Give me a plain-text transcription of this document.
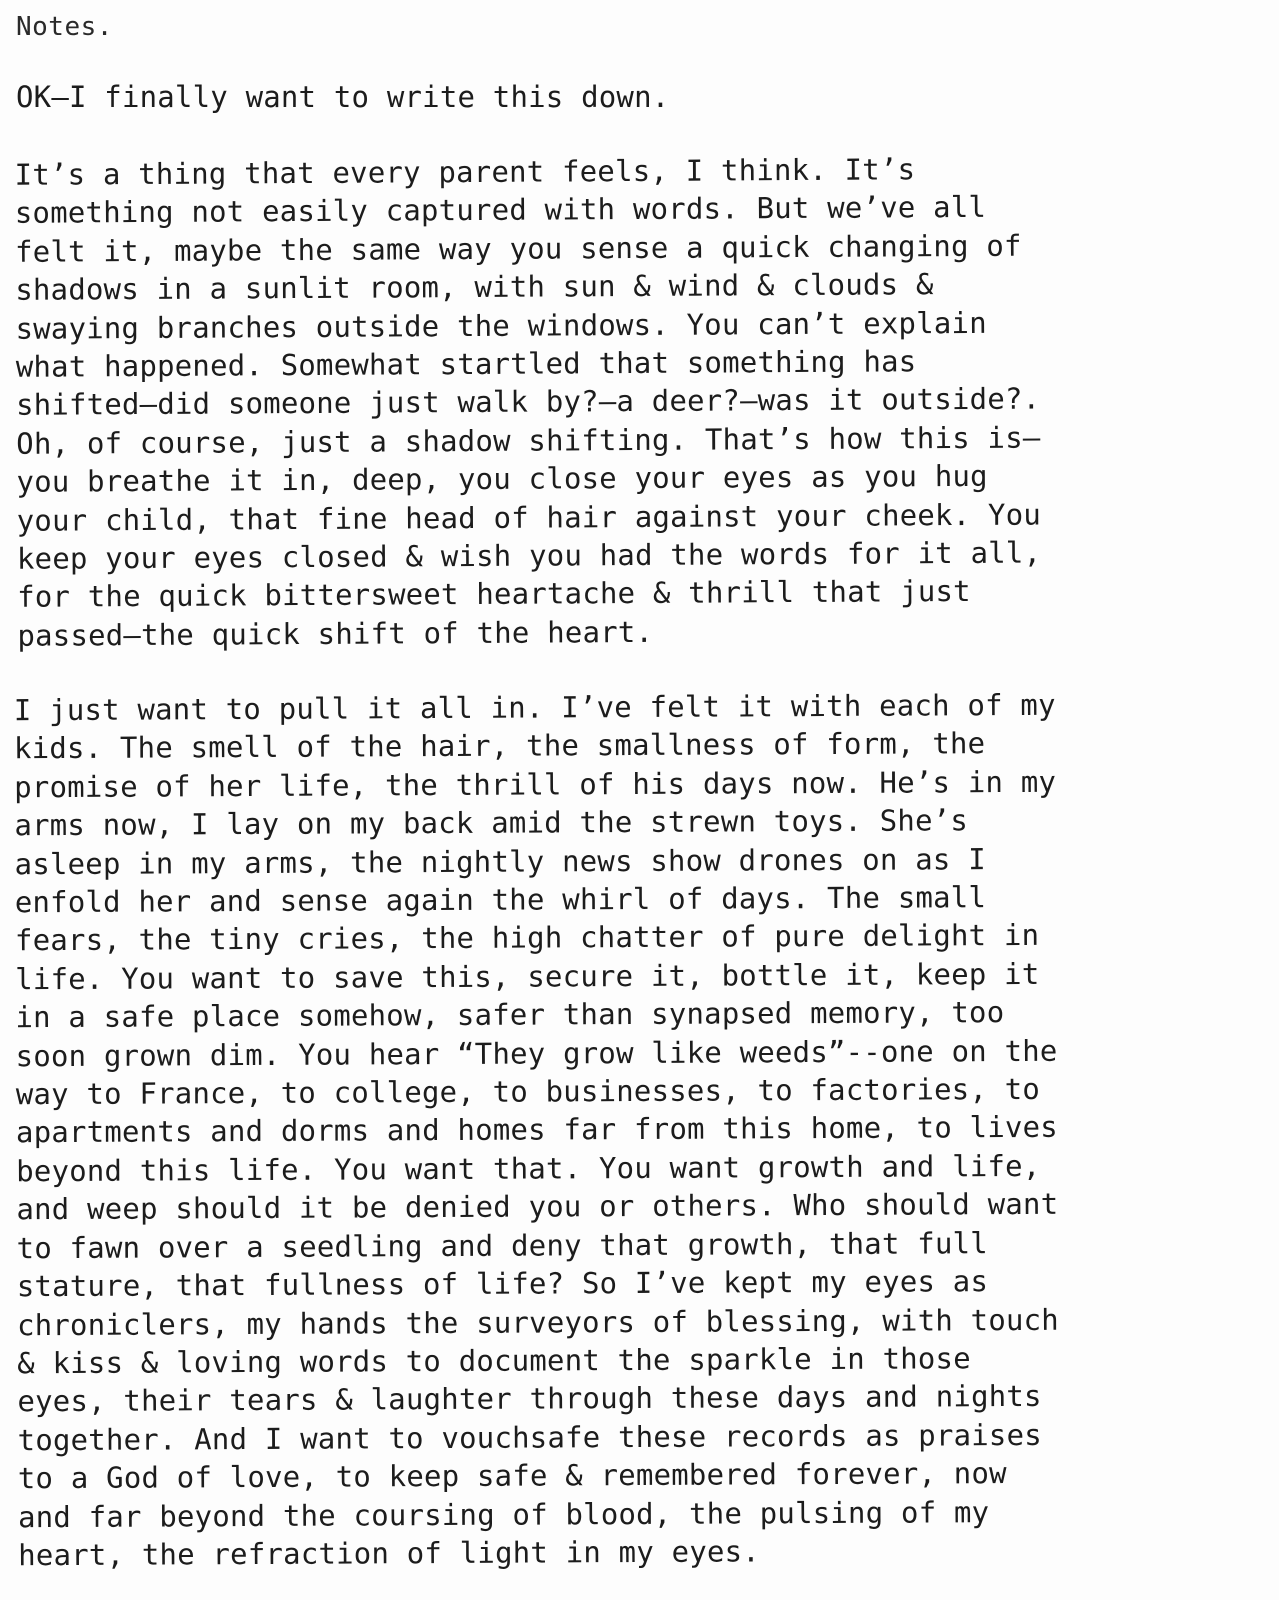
Notes.
OK—I finally want to write this down.
It’s a thing that every parent feels, I think. It’s
something not easily captured with words. But we’ve all
felt it, maybe the same way you sense a quick changing of
shadows in a sunlit room, with sun & wind & clouds &
swaying branches outside the windows. You can’t explain
what happened. Somewhat startled that something has
shifted—did someone just walk by?—a deer?—was it outside?.
Oh, of course, just a shadow shifting. That’s how this is—
you breathe it in, deep, you close your eyes as you hug
your child, that fine head of hair against your cheek. You
keep your eyes closed & wish you had the words for it all,
for the quick bittersweet heartache & thrill that just
passed—the quick shift of the heart.
I just want to pull it all in. I’ve felt it with each of my
kids. The smell of the hair, the smallness of form, the
promise of her life, the thrill of his days now. He’s in my
arms now, I lay on my back amid the strewn toys. She’s
asleep in my arms, the nightly news show drones on as I
enfold her and sense again the whirl of days. The small
fears, the tiny cries, the high chatter of pure delight in
life. You want to save this, secure it, bottle it, keep it
in a safe place somehow, safer than synapsed memory, too
soon grown dim. You hear “They grow like weeds”--one on the
way to France, to college, to businesses, to factories, to
apartments and dorms and homes far from this home, to lives
beyond this life. You want that. You want growth and life,
and weep should it be denied you or others. Who should want
to fawn over a seedling and deny that growth, that full
stature, that fullness of life? So I’ve kept my eyes as
chroniclers, my hands the surveyors of blessing, with touch
& kiss & loving words to document the sparkle in those
eyes, their tears & laughter through these days and nights
together. And I want to vouchsafe these records as praises
to a God of love, to keep safe & remembered forever, now
and far beyond the coursing of blood, the pulsing of my
heart, the refraction of light in my eyes.
